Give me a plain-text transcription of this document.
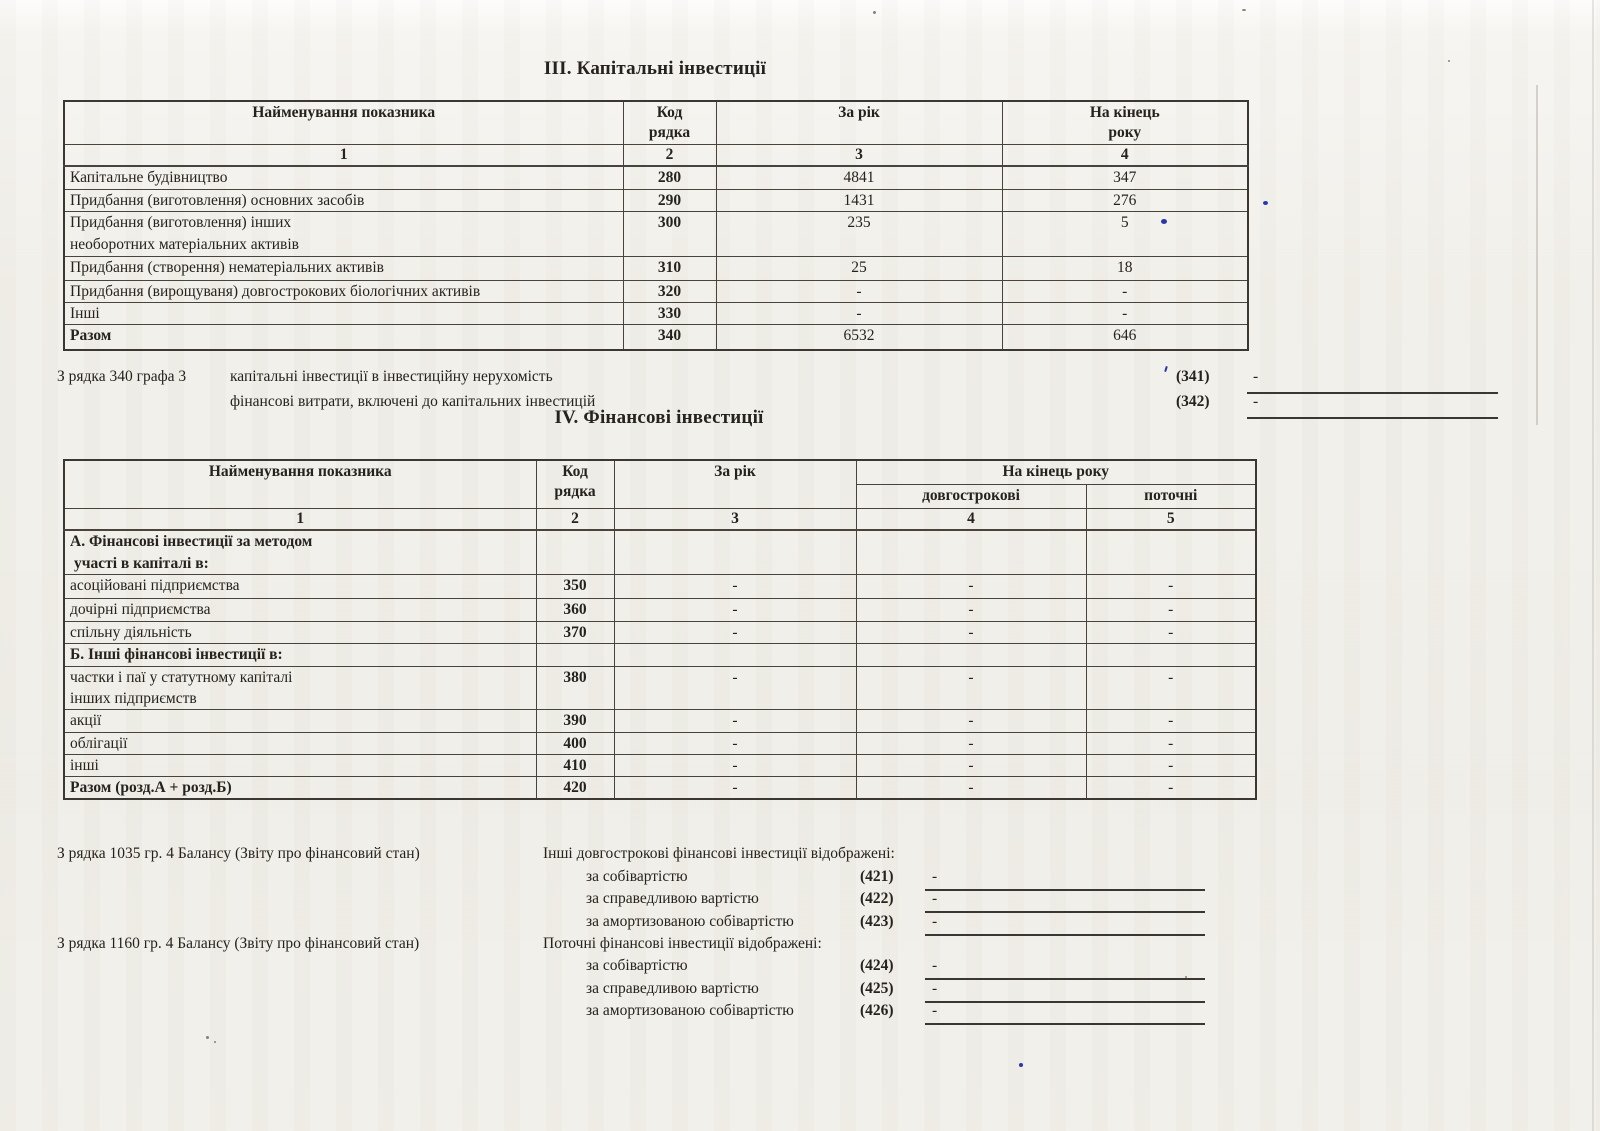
III. Капітальні інвестиції
Найменування показника	Код
рядка
	За рік	На кінець
року

1	2	3	4
Капітальне будівництво	280	4841	347
Придбання (виготовлення) основних засобів	290	1431	276

Придбання (виготовлення) інших
необоротних матеріальних активів	300	235	5
Придбання (створення) нематеріальних активів	310	25	18
Придбання (вирощуваня) довгострокових біологічних активів	320	-	-
Інші	330	-	-
Разом	340	6532	646
З рядка 340 графа 3	капітальні інвестиції в інвестиційну нерухомість	(341)	-
фінансові витрати, включені до капітальних інвестицій	(342)	-
IV. Фінансові інвестиції
Найменування показника	Код
рядка	За рік	На кінець року	
			довгострокові	поточні
1	2	3	4	5

А. Фінансові інвестиції за методом
участі в капіталі в:				

асоційовані підприємства	350	-	-	-
дочірні підприємства	360	-	-	-
спільну діяльність	370	-	-	-
Б. Інші фінансові інвестиції в:				

частки і паї у статутному капіталі
інших підприємств	380	-	-	-
акції	390	-	-	-
облігації	400	-	-	-
інші	410	-	-	-
Разом (розд.А + розд.Б)	420	-	-	-
З рядка 1035 гр. 4 Балансу (Звіту про фінансовий стан)	Інші довгострокові фінансові інвестиції відображені:
за собівартістю	(421) -
за справедливою вартістю	(422) -
за амортизованою собівартістю	(423) -
З рядка 1160 гр. 4 Балансу (Звіту про фінансовий стан)	Поточні фінансові інвестиції відображені:
за собівартістю	(424) -
за справедливою вартістю	(425) -
за амортизованою собівартістю	(426) -
